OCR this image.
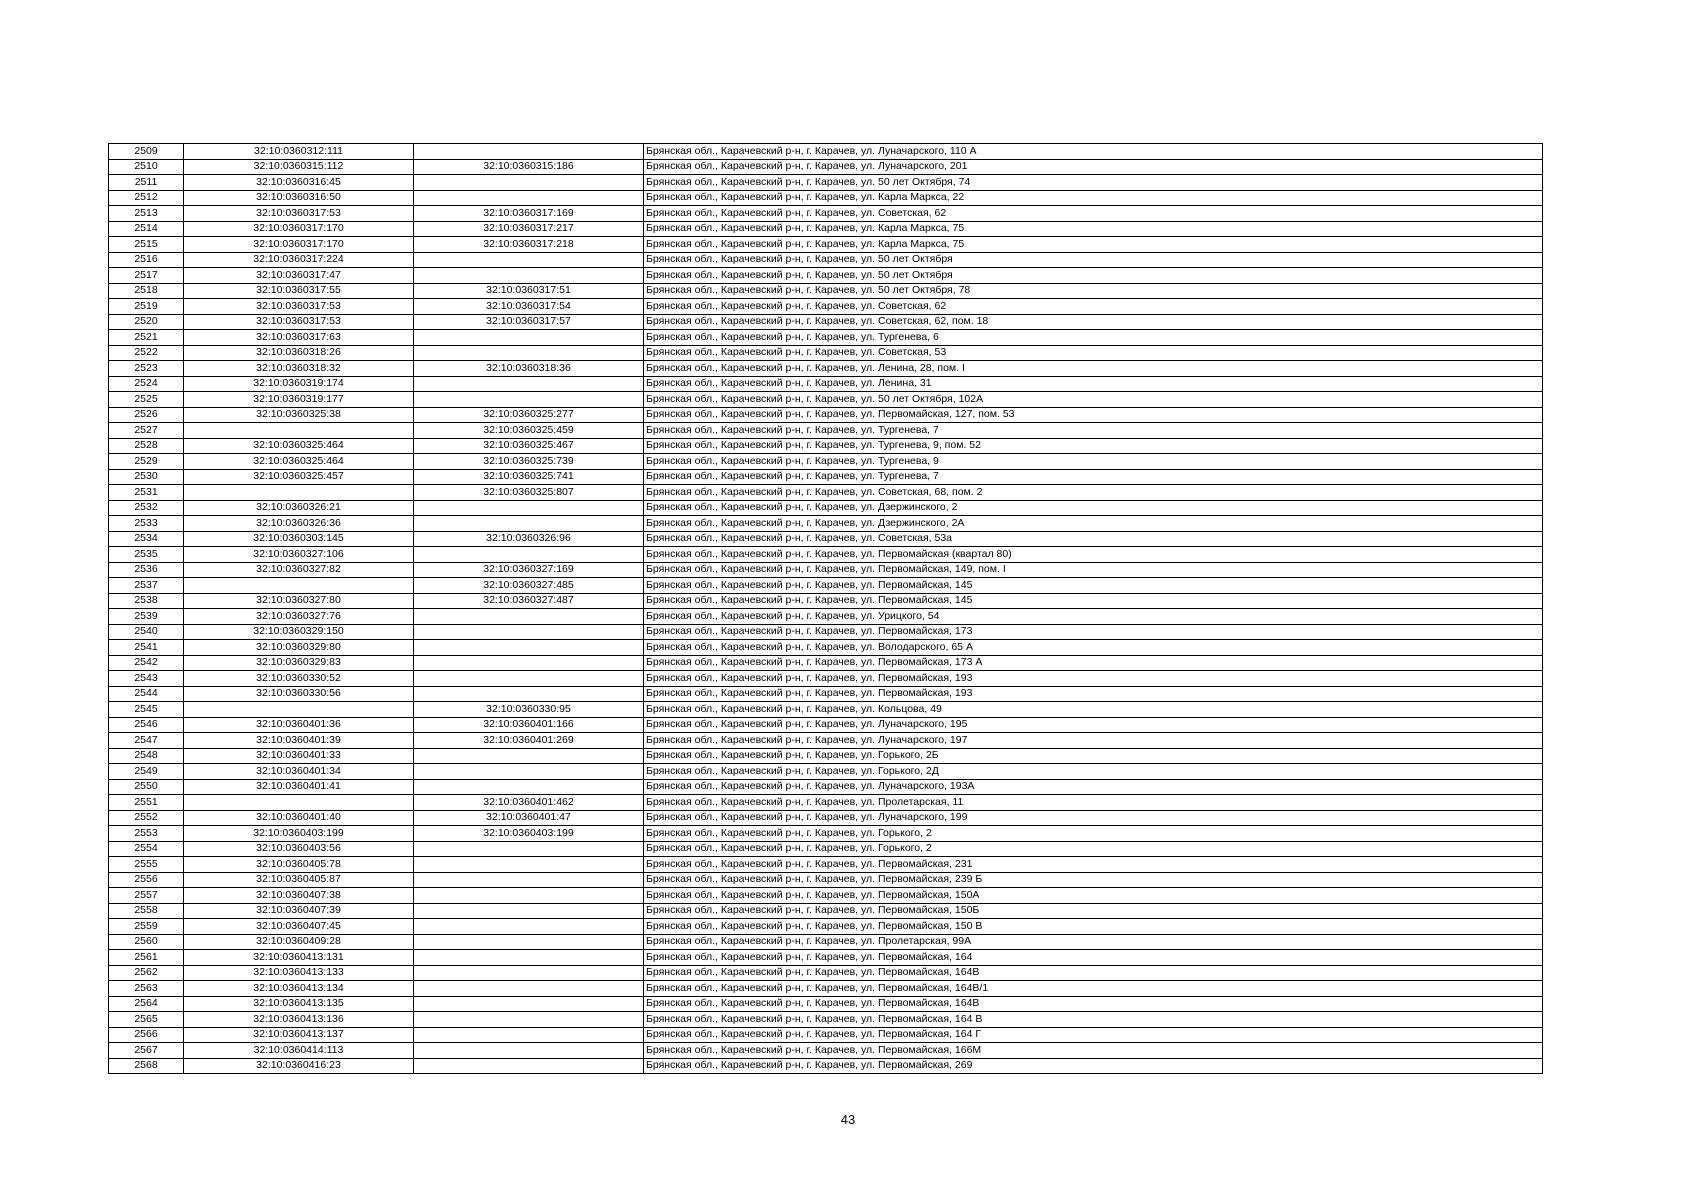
2509	32:10:0360312:111		Брянская обл., Карачевский р-н, г. Карачев, ул. Луначарского, 110 А
2510	32:10:0360315:112	32:10:0360315:186	Брянская обл., Карачевский р-н, г. Карачев, ул. Луначарского, 201
2511	32:10:0360316:45		Брянская обл., Карачевский р-н, г. Карачев, ул. 50 лет Октября, 74
2512	32:10:0360316:50		Брянская обл., Карачевский р-н, г. Карачев, ул. Карла Маркса, 22
2513	32:10:0360317:53	32:10:0360317:169	Брянская обл., Карачевский р-н, г. Карачев, ул. Советская, 62
2514	32:10:0360317:170	32:10:0360317:217	Брянская обл., Карачевский р-н, г. Карачев, ул. Карла Маркса, 75
2515	32:10:0360317:170	32:10:0360317:218	Брянская обл., Карачевский р-н, г. Карачев, ул. Карла Маркса, 75
2516	32:10:0360317:224		Брянская обл., Карачевский р-н, г. Карачев, ул. 50 лет Октября
2517	32:10:0360317:47		Брянская обл., Карачевский р-н, г. Карачев, ул. 50 лет Октября
2518	32:10:0360317:55	32:10:0360317:51	Брянская обл., Карачевский р-н, г. Карачев, ул. 50 лет Октября, 78
2519	32:10:0360317:53	32:10:0360317:54	Брянская обл., Карачевский р-н, г. Карачев, ул. Советская, 62
2520	32:10:0360317:53	32:10:0360317:57	Брянская обл., Карачевский р-н, г. Карачев, ул. Советская, 62, пом. 18
2521	32:10:0360317:63		Брянская обл., Карачевский р-н, г. Карачев, ул. Тургенева, 6
2522	32:10:0360318:26		Брянская обл., Карачевский р-н, г. Карачев, ул. Советская, 53
2523	32:10:0360318:32	32:10:0360318:36	Брянская обл., Карачевский р-н, г. Карачев, ул. Ленина, 28, пом. I
2524	32:10:0360319:174		Брянская обл., Карачевский р-н, г. Карачев, ул. Ленина, 31
2525	32:10:0360319:177		Брянская обл., Карачевский р-н, г. Карачев, ул. 50 лет Октября, 102А
2526	32:10:0360325:38	32:10:0360325:277	Брянская обл., Карачевский р-н, г. Карачев, ул. Первомайская, 127, пом. 53
2527		32:10:0360325:459	Брянская обл., Карачевский р-н, г. Карачев, ул. Тургенева, 7
2528	32:10:0360325:464	32:10:0360325:467	Брянская обл., Карачевский р-н, г. Карачев, ул. Тургенева, 9, пом. 52
2529	32:10:0360325:464	32:10:0360325:739	Брянская обл., Карачевский р-н, г. Карачев, ул. Тургенева, 9
2530	32:10:0360325:457	32:10:0360325:741	Брянская обл., Карачевский р-н, г. Карачев, ул. Тургенева, 7
2531		32:10:0360325:807	Брянская обл., Карачевский р-н, г. Карачев, ул. Советская, 68, пом. 2
2532	32:10:0360326:21		Брянская обл., Карачевский р-н, г. Карачев, ул. Дзержинского, 2
2533	32:10:0360326:36		Брянская обл., Карачевский р-н, г. Карачев, ул. Дзержинского, 2А
2534	32:10:0360303:145	32:10:0360326:96	Брянская обл., Карачевский р-н, г. Карачев, ул. Советская, 53а
2535	32:10:0360327:106		Брянская обл., Карачевский р-н, г. Карачев, ул. Первомайская (квартал 80)
2536	32:10:0360327:82	32:10:0360327:169	Брянская обл., Карачевский р-н, г. Карачев, ул. Первомайская, 149, пом. I
2537		32:10:0360327:485	Брянская обл., Карачевский р-н, г. Карачев, ул. Первомайская, 145
2538	32:10:0360327:80	32:10:0360327:487	Брянская обл., Карачевский р-н, г. Карачев, ул. Первомайская, 145
2539	32:10:0360327:76		Брянская обл., Карачевский р-н, г. Карачев, ул. Урицкого, 54
2540	32:10:0360329:150		Брянская обл., Карачевский р-н, г. Карачев, ул. Первомайская, 173
2541	32:10:0360329:80		Брянская обл., Карачевский р-н, г. Карачев, ул. Володарского, 65 А
2542	32:10:0360329:83		Брянская обл., Карачевский р-н, г. Карачев, ул. Первомайская, 173 А
2543	32:10:0360330:52		Брянская обл., Карачевский р-н, г. Карачев, ул. Первомайская, 193
2544	32:10:0360330:56		Брянская обл., Карачевский р-н, г. Карачев, ул. Первомайская, 193
2545		32:10:0360330:95	Брянская обл., Карачевский р-н, г. Карачев, ул. Кольцова, 49
2546	32:10:0360401:36	32:10:0360401:166	Брянская обл., Карачевский р-н, г. Карачев, ул. Луначарского, 195
2547	32:10:0360401:39	32:10:0360401:269	Брянская обл., Карачевский р-н, г. Карачев, ул. Луначарского, 197
2548	32:10:0360401:33		Брянская обл., Карачевский р-н, г. Карачев, ул. Горького, 2Б
2549	32:10:0360401:34		Брянская обл., Карачевский р-н, г. Карачев, ул. Горького, 2Д
2550	32:10:0360401:41		Брянская обл., Карачевский р-н, г. Карачев, ул. Луначарского, 193А
2551		32:10:0360401:462	Брянская обл., Карачевский р-н, г. Карачев, ул. Пролетарская, 11
2552	32:10:0360401:40	32:10:0360401:47	Брянская обл., Карачевский р-н, г. Карачев, ул. Луначарского, 199
2553	32:10:0360403:199	32:10:0360403:199	Брянская обл., Карачевский р-н, г. Карачев, ул. Горького, 2
2554	32:10:0360403:56		Брянская обл., Карачевский р-н, г. Карачев, ул. Горького, 2
2555	32:10:0360405:78		Брянская обл., Карачевский р-н, г. Карачев, ул. Первомайская, 231
2556	32:10:0360405:87		Брянская обл., Карачевский р-н, г. Карачев, ул. Первомайская, 239 Б
2557	32:10:0360407:38		Брянская обл., Карачевский р-н, г. Карачев, ул. Первомайская, 150А
2558	32:10:0360407:39		Брянская обл., Карачевский р-н, г. Карачев, ул. Первомайская, 150Б
2559	32:10:0360407:45		Брянская обл., Карачевский р-н, г. Карачев, ул. Первомайская, 150 В
2560	32:10:0360409:28		Брянская обл., Карачевский р-н, г. Карачев, ул. Пролетарская, 99А
2561	32:10:0360413:131		Брянская обл., Карачевский р-н, г. Карачев, ул. Первомайская, 164
2562	32:10:0360413:133		Брянская обл., Карачевский р-н, г. Карачев, ул. Первомайская, 164В
2563	32:10:0360413:134		Брянская обл., Карачевский р-н, г. Карачев, ул. Первомайская, 164В/1
2564	32:10:0360413:135		Брянская обл., Карачевский р-н, г. Карачев, ул. Первомайская, 164В
2565	32:10:0360413:136		Брянская обл., Карачевский р-н, г. Карачев, ул. Первомайская, 164 В
2566	32:10:0360413:137		Брянская обл., Карачевский р-н, г. Карачев, ул. Первомайская, 164 Г
2567	32:10:0360414:113		Брянская обл., Карачевский р-н, г. Карачев, ул. Первомайская, 166М
2568	32:10:0360416:23		Брянская обл., Карачевский р-н, г. Карачев, ул. Первомайская, 269
43
